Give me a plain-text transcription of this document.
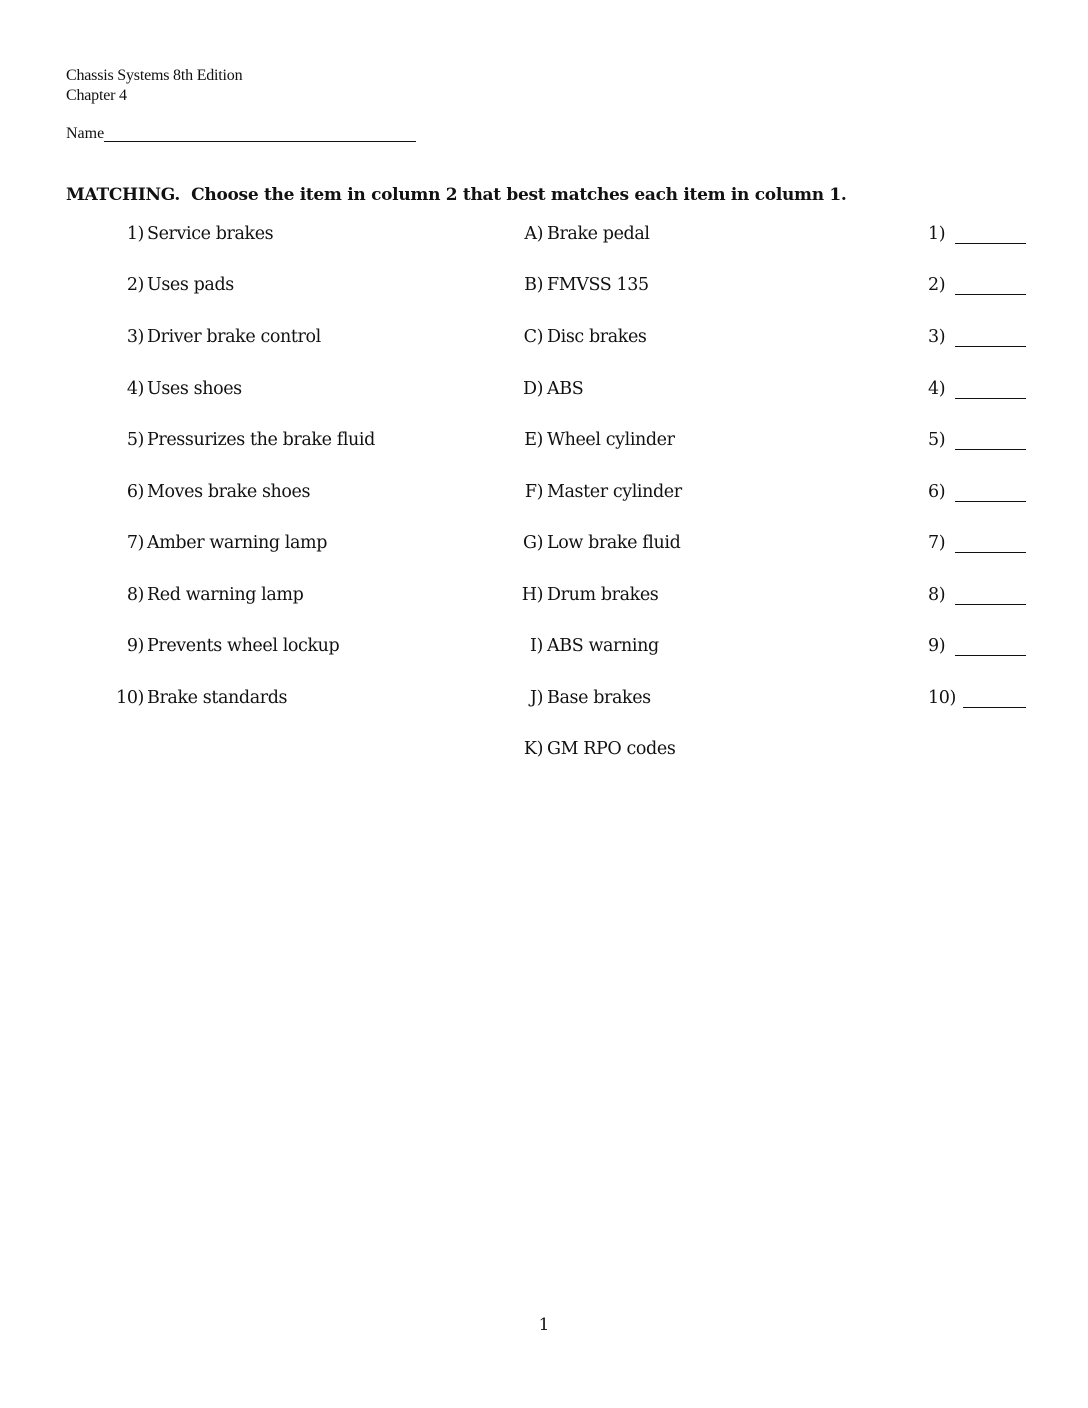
Chassis Systems 8th Edition
Chapter 4
Name
MATCHING.  Choose the item in column 2 that best matches each item in column 1.
1) Service brakes	A) Brake pedal	1)
2) Uses pads	B) FMVSS 135	2)
3) Driver brake control	C) Disc brakes	3)
4) Uses shoes	D) ABS	4)
5) Pressurizes the brake fluid	E) Wheel cylinder	5)
6) Moves brake shoes	F) Master cylinder	6)
7) Amber warning lamp	G) Low brake fluid	7)
8) Red warning lamp	H) Drum brakes	8)
9) Prevents wheel lockup	I) ABS warning	9)
10) Brake standards	J) Base brakes	10)
K) GM RPO codes
1
